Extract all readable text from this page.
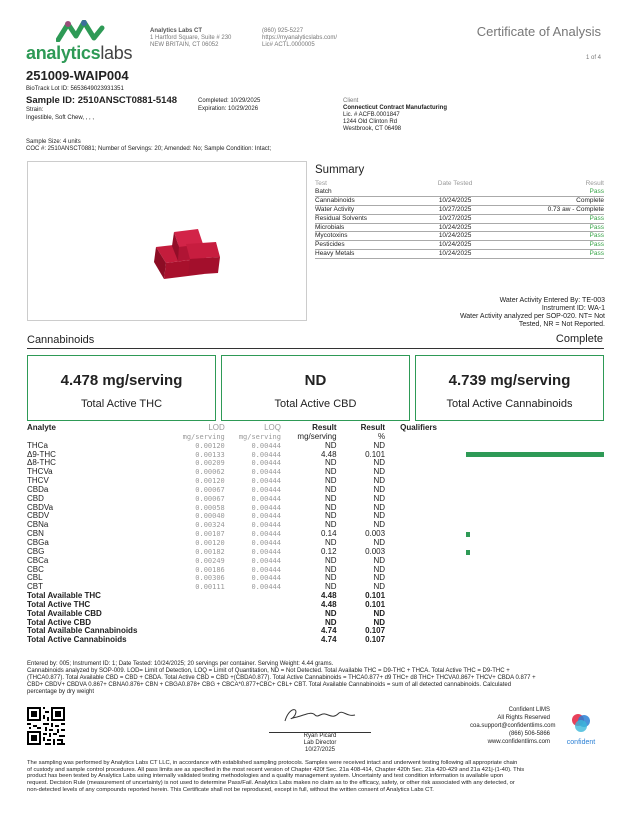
analyticslabs
Analytics Labs CT
1 Hartford Square, Suite # 230
NEW BRITAIN, CT 06052
(860) 925-5227
https://myanalyticslabs.com/
Lic# ACTL.0000005
Certificate of Analysis
1 of 4
251009-WAIP004
BioTrack Lot ID: 5653649023931351
Sample ID: 2510ANSCT0881-5148
Strain:
Ingestible, Soft Chew, , , ,
Completed: 10/29/2025
Expiration: 10/29/2026
Client
Connecticut Contract Manufacturing
Lic. # ACFB.0001847
1244 Old Clinton Rd
Westbrook, CT 06498
Sample Size: 4 units
COC #: 2510ANSCT0881; Number of Servings: 20; Amended: No; Sample Condition: Intact;
Summary
Test	Date Tested	Result
Batch		Pass
Cannabinoids	10/24/2025	Complete
Water Activity	10/27/2025	0.73 aw - Complete
Residual Solvents	10/27/2025	Pass
Microbials	10/24/2025	Pass
Mycotoxins	10/24/2025	Pass
Pesticides	10/24/2025	Pass
Heavy Metals	10/24/2025	Pass
Water Activity Entered By: TE-003
Instrument ID: WA-1
Water Activity analyzed per SOP-020. NT= Not
Tested, NR = Not Reported.
Cannabinoids	Complete
4.478 mg/serving
Total Active THC
ND
Total Active CBD
4.739 mg/serving
Total Active Cannabinoids
Analyte	LOD	LOQ	Result	Result	Qualifiers
	mg/serving	mg/serving	mg/serving	%	
THCa	0.00120	0.00444	ND	ND	
Δ9-THC	0.00133	0.00444	4.48	0.101	
Δ8-THC	0.00209	0.00444	ND	ND	
THCVa	0.00062	0.00444	ND	ND	
THCV	0.00120	0.00444	ND	ND	
CBDa	0.00067	0.00444	ND	ND	
CBD	0.00067	0.00444	ND	ND	
CBDVa	0.00058	0.00444	ND	ND	
CBDV	0.00040	0.00444	ND	ND	
CBNa	0.00324	0.00444	ND	ND	
CBN	0.00107	0.00444	0.14	0.003	
CBGa	0.00120	0.00444	ND	ND	
CBG	0.00182	0.00444	0.12	0.003	
CBCa	0.00249	0.00444	ND	ND	
CBC	0.00186	0.00444	ND	ND	
CBL	0.00306	0.00444	ND	ND	
CBT	0.00111	0.00444	ND	ND	
Total Available THC			4.48	0.101	
Total Active THC			4.48	0.101	
Total Available CBD			ND	ND	
Total Active CBD			ND	ND	
Total Available Cannabinoids			4.74	0.107	
Total Active Cannabinoids			4.74	0.107	
Entered by: 005; Instrument ID: 1; Date Tested: 10/24/2025; 20 servings per container. Serving Weight: 4.44 grams.
Cannabinoids analyzed by SOP-009. LOD= Limit of Detection, LOQ = Limit of Quantitation, ND = Not Detected. Total Available THC = D9-THC + THCA. Total Active THC = D9-THC +
(THCA0.877). Total Available CBD = CBD + CBDA. Total Active CBD = CBD +(CBDA0.877). Total Active Cannabinoids = THCA0.877+ d9 THC+ d8 THC+ THCVA0.867+ THCV+ CBDA 0.877 +
CBD+ CBDV+ CBDVA 0.867+ CBNA0.876+ CBN + CBGA0.878+ CBG + CBCA*0.877+CBC+ CBL+ CBT. Total Available Cannabinoids = sum of all detected cannabinoids. Calculated
percentage by dry weight
Ryan Picard
Lab Director
10/27/2025
Confident LIMS
All Rights Reserved
coa.support@confidentlims.com
(866) 506-5866
www.confidentlims.com	confident
The sampling was performed by Analytics Labs CT LLC, in accordance with established sampling protocols. Samples were received intact and underwent testing following all appropriate chain
of custody and sample control procedures. All pass limits are as specified in the most recent version of Chapter 420f Sec. 21a 408-414, Chapter 420h Sec. 21a 420-429 and 21a 421j-(1-40). This
product has been tested by Analytics Labs using internally validated testing methodologies and a quality management system. Uncertainty and test condition information is available upon
request. Decision Rule (measurement of uncertainty) is not used to determine Pass/Fail. Analytics Labs makes no claim as to the efficacy, safety, or other risk associated with any detected, or
non-detected levels of any compounds reported herein. This Certificate shall not be reproduced, except in full, without the written consent of Analytics Labs CT.
